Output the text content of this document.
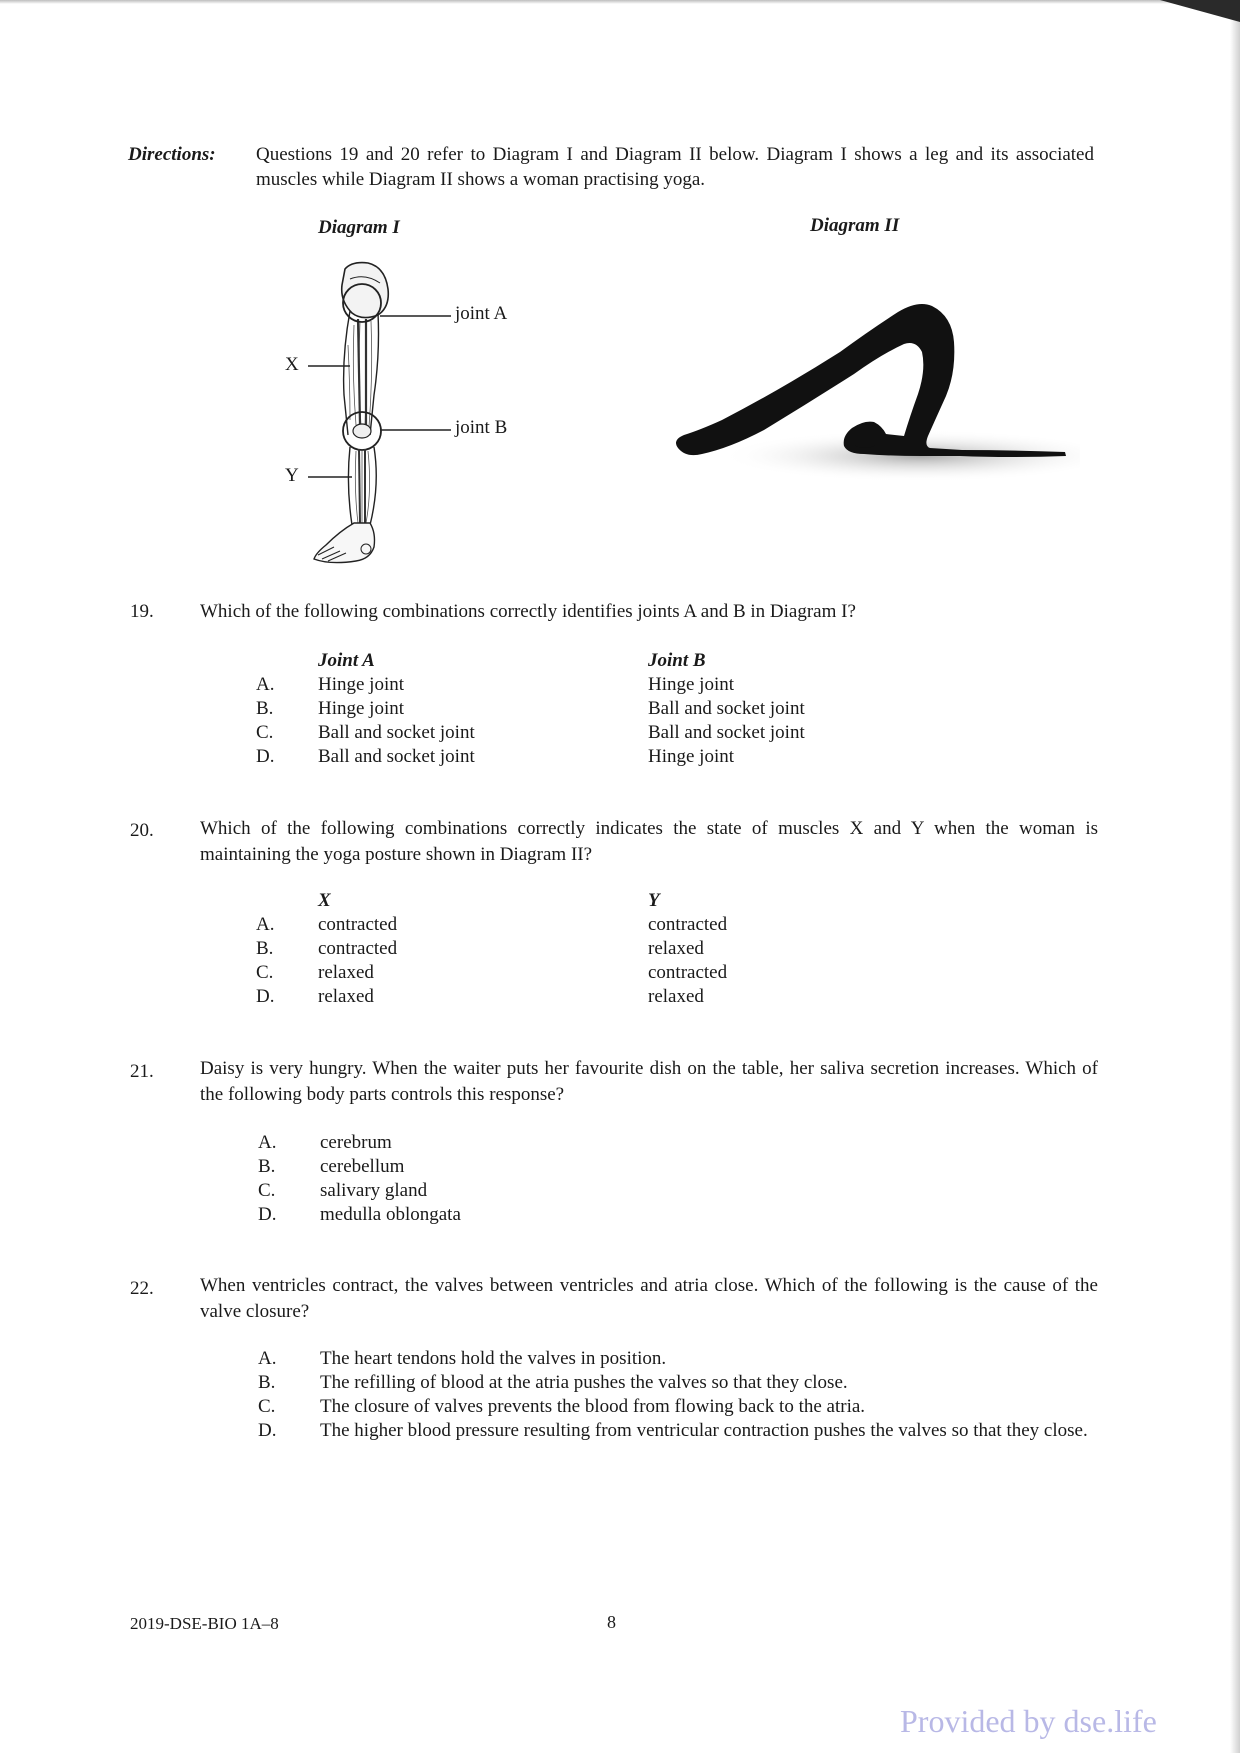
Directions: Questions 19 and 20 refer to Diagram I and Diagram II below. Diagram I shows a leg and its associated muscles while Diagram II shows a woman practising yoga.
Diagram I	Diagram II
joint A
joint B
X
Y
19. Which of the following combinations correctly identifies joints A and B in Diagram I?
Joint A	Joint B
A. Hinge joint	Hinge joint
B. Hinge joint	Ball and socket joint
C. Ball and socket joint	Ball and socket joint
D. Ball and socket joint	Hinge joint
20. Which of the following combinations correctly indicates the state of muscles X and Y when the woman is maintaining the yoga posture shown in Diagram II?
X	Y
A. contracted	contracted
B. contracted	relaxed
C. relaxed	contracted
D. relaxed	relaxed
21. Daisy is very hungry. When the waiter puts her favourite dish on the table, her saliva secretion increases. Which of the following body parts controls this response?
A. cerebrum
B. cerebellum
C. salivary gland
D. medulla oblongata
22. When ventricles contract, the valves between ventricles and atria close. Which of the following is the cause of the valve closure?
A. The heart tendons hold the valves in position.
B. The refilling of blood at the atria pushes the valves so that they close.
C. The closure of valves prevents the blood from flowing back to the atria.
D. The higher blood pressure resulting from ventricular contraction pushes the valves so that they close.
2019-DSE-BIO 1A–8	8
Provided by dse.life
